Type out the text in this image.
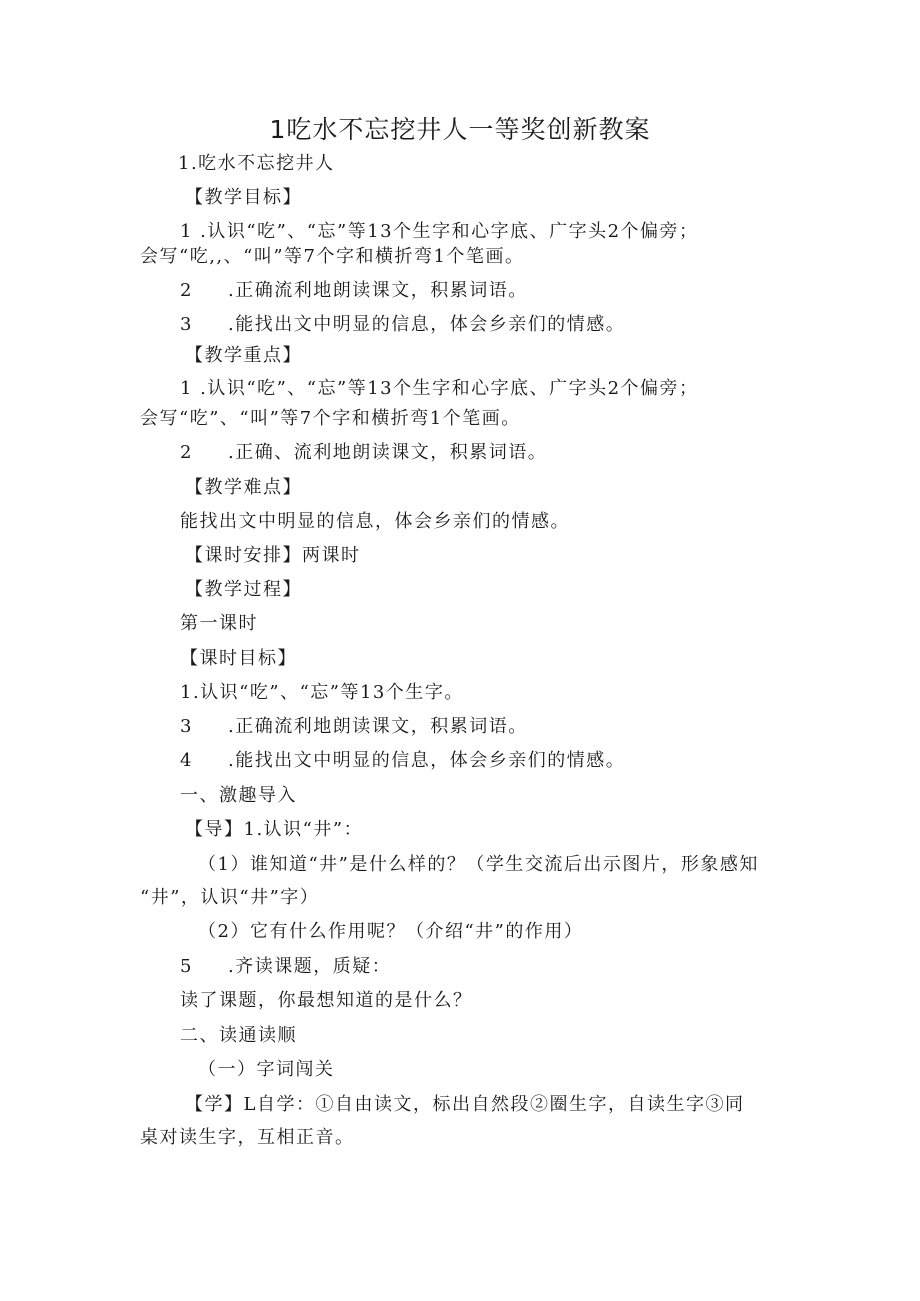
1吃水不忘挖井人一等奖创新教案
1.吃水不忘挖井人
【教学目标】
1 .认识“吃”、“忘”等13个生字和心字底、广字头2个偏旁；
会写“吃,,、“叫”等7个字和横折弯1个笔画。
2 .正确流利地朗读课文，积累词语。
3 .能找出文中明显的信息，体会乡亲们的情感。
【教学重点】
1 .认识“吃”、“忘”等13个生字和心字底、广字头2个偏旁；
会写“吃”、“叫”等7个字和横折弯1个笔画。
2 .正确、流利地朗读课文，积累词语。
【教学难点】
能找出文中明显的信息，体会乡亲们的情感。
【课时安排】两课时
【教学过程】
第一课时
【课时目标】
1.认识“吃”、“忘”等13个生字。
3 .正确流利地朗读课文，积累词语。
4 .能找出文中明显的信息，体会乡亲们的情感。
一、激趣导入
【导】1.认识“井”：
（1）谁知道“井”是什么样的？（学生交流后出示图片，形象感知
“井”，认识“井”字）
（2）它有什么作用呢？（介绍“井”的作用）
5 .齐读课题，质疑：
读了课题，你最想知道的是什么？
二、读通读顺
（一）字词闯关
【学】L自学：①自由读文，标出自然段②圈生字，自读生字③同
桌对读生字，互相正音。
